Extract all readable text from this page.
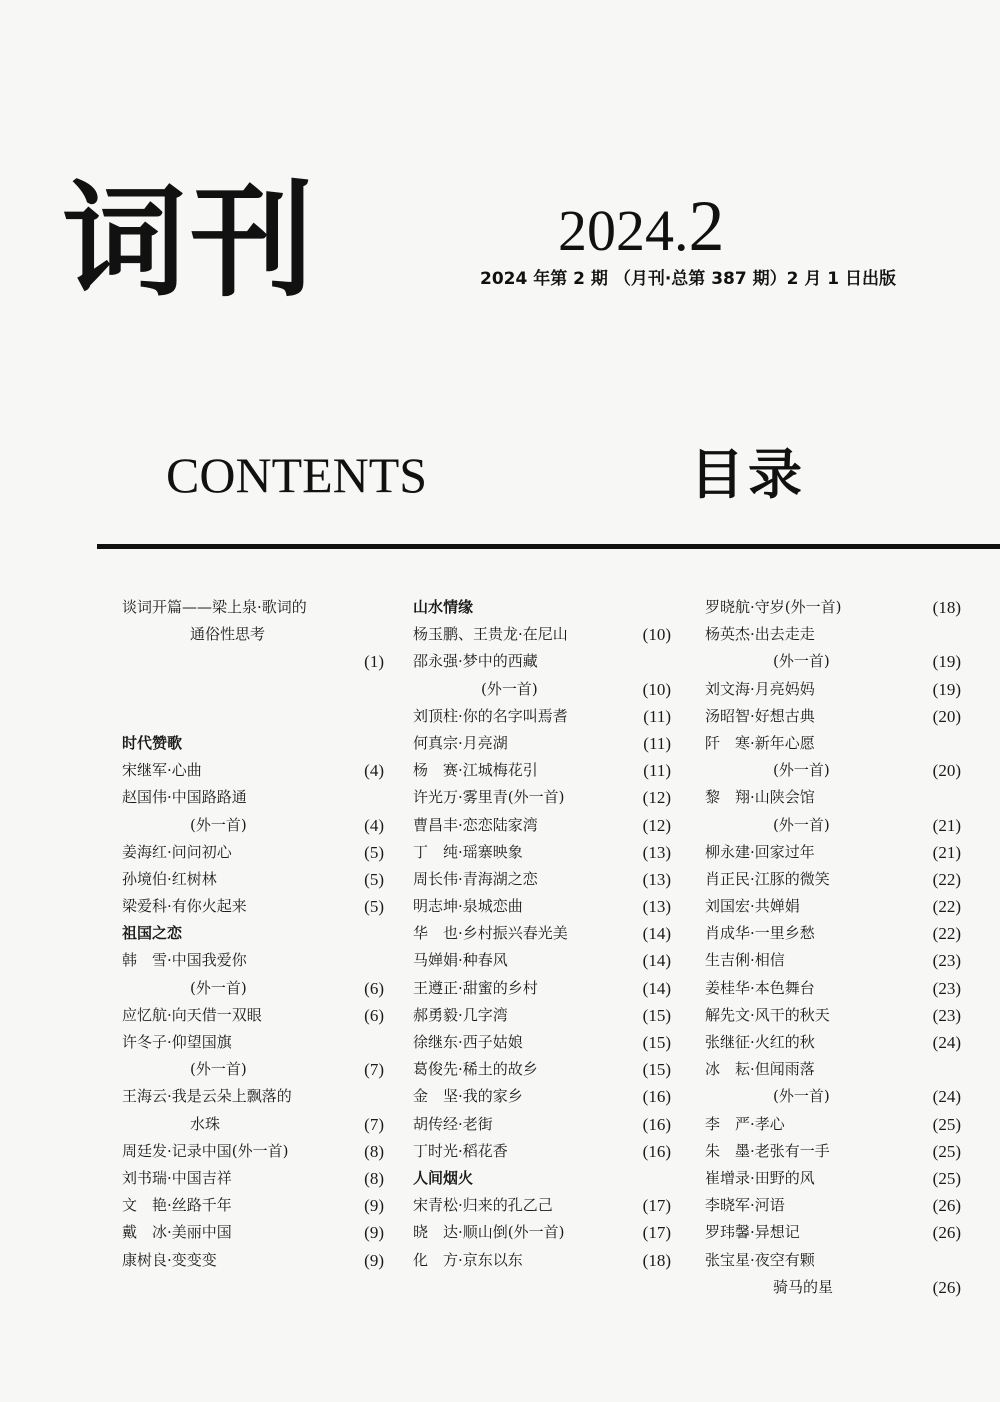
词刊	2024.2
2024 年第 2 期 （月刊·总第 387 期）2 月 1 日出版
CONTENTS	目录
谈词开篇——梁上泉·歌词的
通俗性思考
(1)
时代赞歌
宋继军·心曲	(4)
赵国伟·中国路路通
(外一首)	(4)
姜海红·问问初心	(5)
孙境伯·红树林	(5)
梁爱科·有你火起来	(5)
祖国之恋
韩　雪·中国我爱你
(外一首)	(6)
应忆航·向天借一双眼	(6)
许冬子·仰望国旗
(外一首)	(7)
王海云·我是云朵上飘落的
水珠	(7)
周廷发·记录中国(外一首)	(8)
刘书瑞·中国吉祥	(8)
文　艳·丝路千年	(9)
戴　冰·美丽中国	(9)
康树良·变变变	(9)
山水情缘
杨玉鹏、王贵龙·在尼山	(10)
邵永强·梦中的西藏
(外一首)	(10)
刘顶柱·你的名字叫焉耆	(11)
何真宗·月亮湖	(11)
杨　赛·江城梅花引	(11)
许光万·雾里青(外一首)	(12)
曹昌丰·恋恋陆家湾	(12)
丁　纯·瑶寨映象	(13)
周长伟·青海湖之恋	(13)
明志坤·泉城恋曲	(13)
华　也·乡村振兴春光美	(14)
马婵娟·种春风	(14)
王遵正·甜蜜的乡村	(14)
郝勇毅·几字湾	(15)
徐继东·西子姑娘	(15)
葛俊先·稀土的故乡	(15)
金　坚·我的家乡	(16)
胡传经·老街	(16)
丁时光·稻花香	(16)
人间烟火
宋青松·归来的孔乙己	(17)
晓　达·顺山倒(外一首)	(17)
化　方·京东以东	(18)
罗晓航·守岁(外一首)	(18)
杨英杰·出去走走
(外一首)	(19)
刘文海·月亮妈妈	(19)
汤昭智·好想古典	(20)
阡　寒·新年心愿
(外一首)	(20)
黎　翔·山陕会馆
(外一首)	(21)
柳永建·回家过年	(21)
肖正民·江豚的微笑	(22)
刘国宏·共婵娟	(22)
肖成华·一里乡愁	(22)
生吉俐·相信	(23)
姜桂华·本色舞台	(23)
解先文·风干的秋天	(23)
张继征·火红的秋	(24)
冰　耘·但闻雨落
(外一首)	(24)
李　严·孝心	(25)
朱　墨·老张有一手	(25)
崔增录·田野的风	(25)
李晓军·河语	(26)
罗玮馨·异想记	(26)
张宝星·夜空有颗
骑马的星	(26)
